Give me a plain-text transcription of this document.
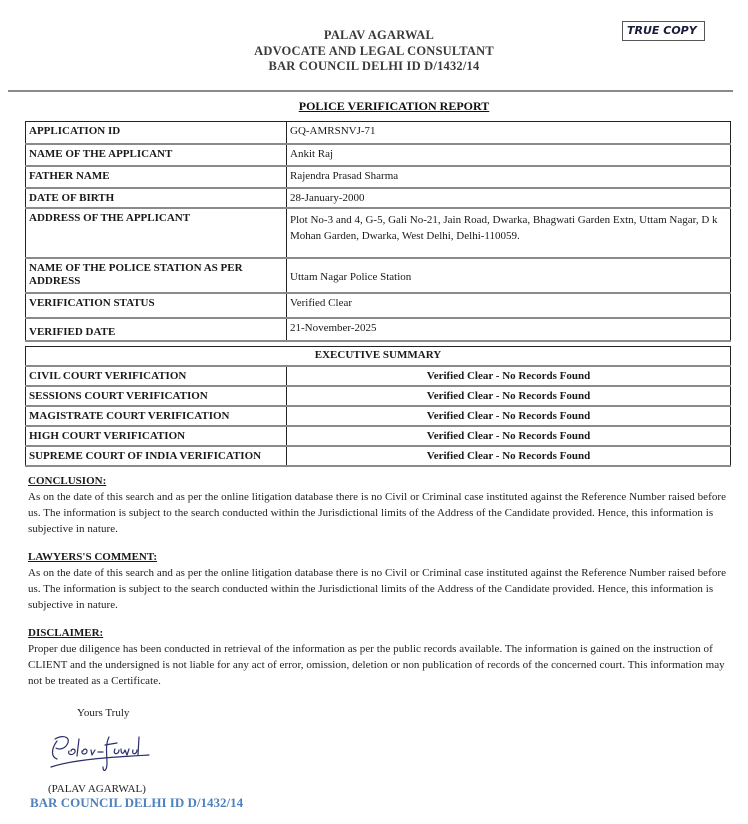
PALAV AGARWAL
ADVOCATE AND LEGAL CONSULTANT
BAR COUNCIL DELHI ID D/1432/14
TRUE COPY
POLICE VERIFICATION REPORT
APPLICATION ID	GQ-AMRSNVJ-71
NAME OF THE APPLICANT	Ankit Raj
FATHER NAME	Rajendra Prasad Sharma
DATE OF BIRTH	28-January-2000
ADDRESS OF THE APPLICANT	Plot No-3 and 4, G-5, Gali No-21, Jain Road, Dwarka, Bhagwati Garden Extn, Uttam Nagar, D k Mohan Garden, Dwarka, West Delhi, Delhi-110059.
NAME OF THE POLICE STATION AS PER ADDRESS	Uttam Nagar Police Station
VERIFICATION STATUS	Verified Clear
VERIFIED DATE	21-November-2025
EXECUTIVE SUMMARY	
CIVIL COURT VERIFICATION	Verified Clear - No Records Found
SESSIONS COURT VERIFICATION	Verified Clear - No Records Found
MAGISTRATE COURT VERIFICATION	Verified Clear - No Records Found
HIGH COURT VERIFICATION	Verified Clear - No Records Found
SUPREME COURT OF INDIA VERIFICATION	Verified Clear - No Records Found
CONCLUSION:

As on the date of this search and as per the online litigation database there is no Civil or Criminal case instituted against the Reference Number raised before us. The information is subject to the search conducted within the Jurisdictional limits of the Address of the Candidate provided. Hence, this information is subjective in nature.

LAWYERS'S COMMENT:

As on the date of this search and as per the online litigation database there is no Civil or Criminal case instituted against the Reference Number raised before us. The information is subject to the search conducted within the Jurisdictional limits of the Address of the Candidate provided. Hence, this information is subjective in nature.

DISCLAIMER:

Proper due diligence has been conducted in retrieval of the information as per the public records available. The information is gained on the instruction of CLIENT and the undersigned is not liable for any act of error, omission, deletion or non publication of records of the concerned court. This information may not be treated as a Certificate.

Yours Truly
(PALAV AGARWAL)
BAR COUNCIL DELHI ID D/1432/14
